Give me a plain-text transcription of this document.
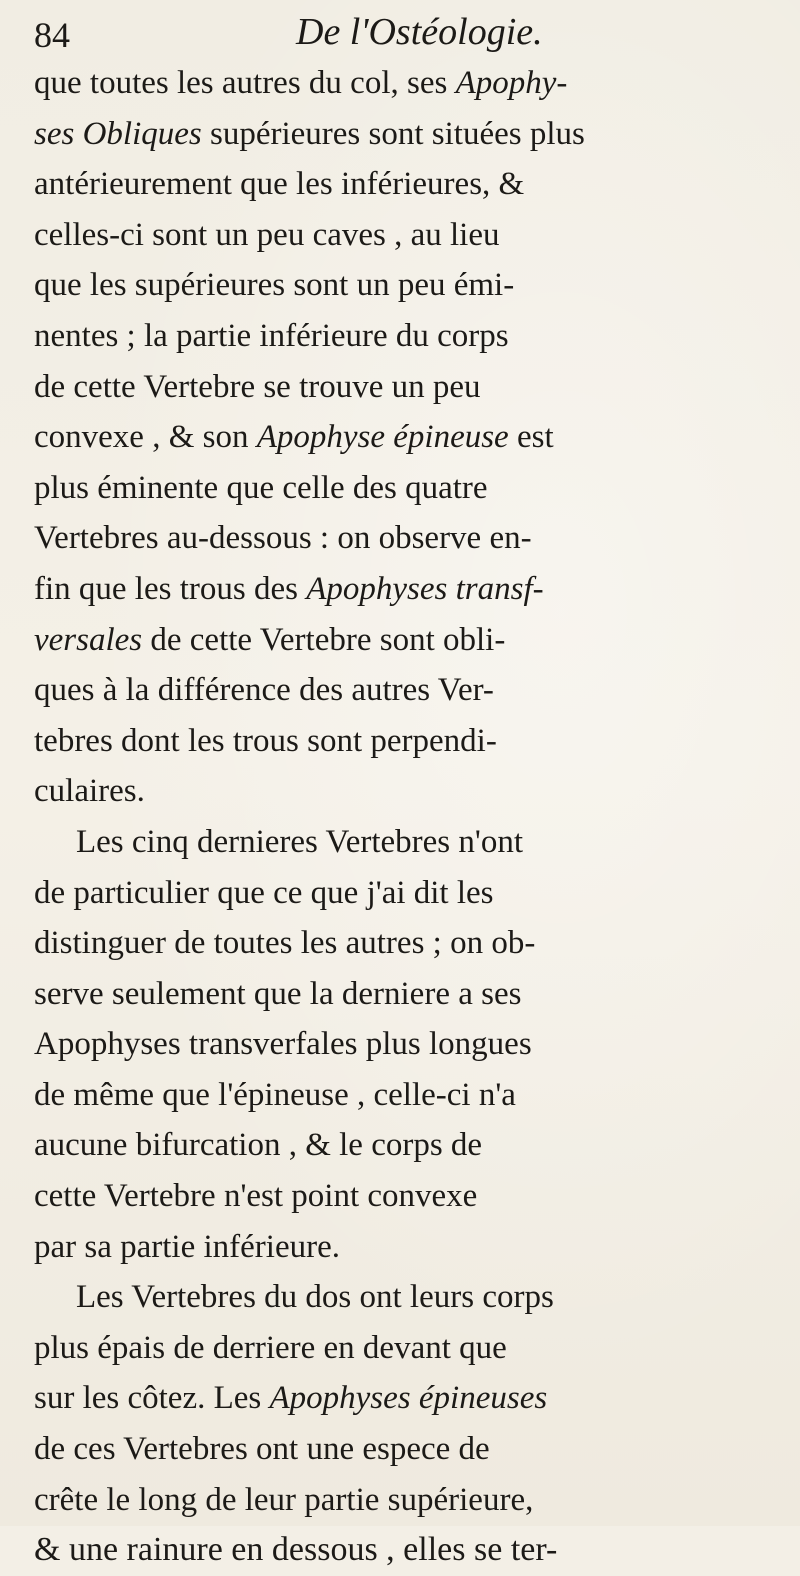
84	De l'Ostéologie.
que toutes les autres du col, ses Apophy-
ses Obliques supérieures sont situées plus
antérieurement que les inférieures, &
celles-ci sont un peu caves , au lieu
que les supérieures sont un peu émi-
nentes ; la partie inférieure du corps
de cette Vertebre se trouve un peu
convexe , & son Apophyse épineuse est
plus éminente que celle des quatre
Vertebres au-dessous : on observe en-
fin que les trous des Apophyses transf-
versales de cette Vertebre sont obli-
ques à la différence des autres Ver-
tebres dont les trous sont perpendi-
culaires.
Les cinq dernieres Vertebres n'ont
de particulier que ce que j'ai dit les
distinguer de toutes les autres ; on ob-
serve seulement que la derniere a ses
Apophyses transverfales plus longues
de même que l'épineuse , celle-ci n'a
aucune bifurcation , & le corps de
cette Vertebre n'est point convexe
par sa partie inférieure.
Les Vertebres du dos ont leurs corps
plus épais de derriere en devant que
sur les côtez. Les Apophyses épineuses
de ces Vertebres ont une espece de
crête le long de leur partie supérieure,
& une rainure en dessous , elles se ter-
